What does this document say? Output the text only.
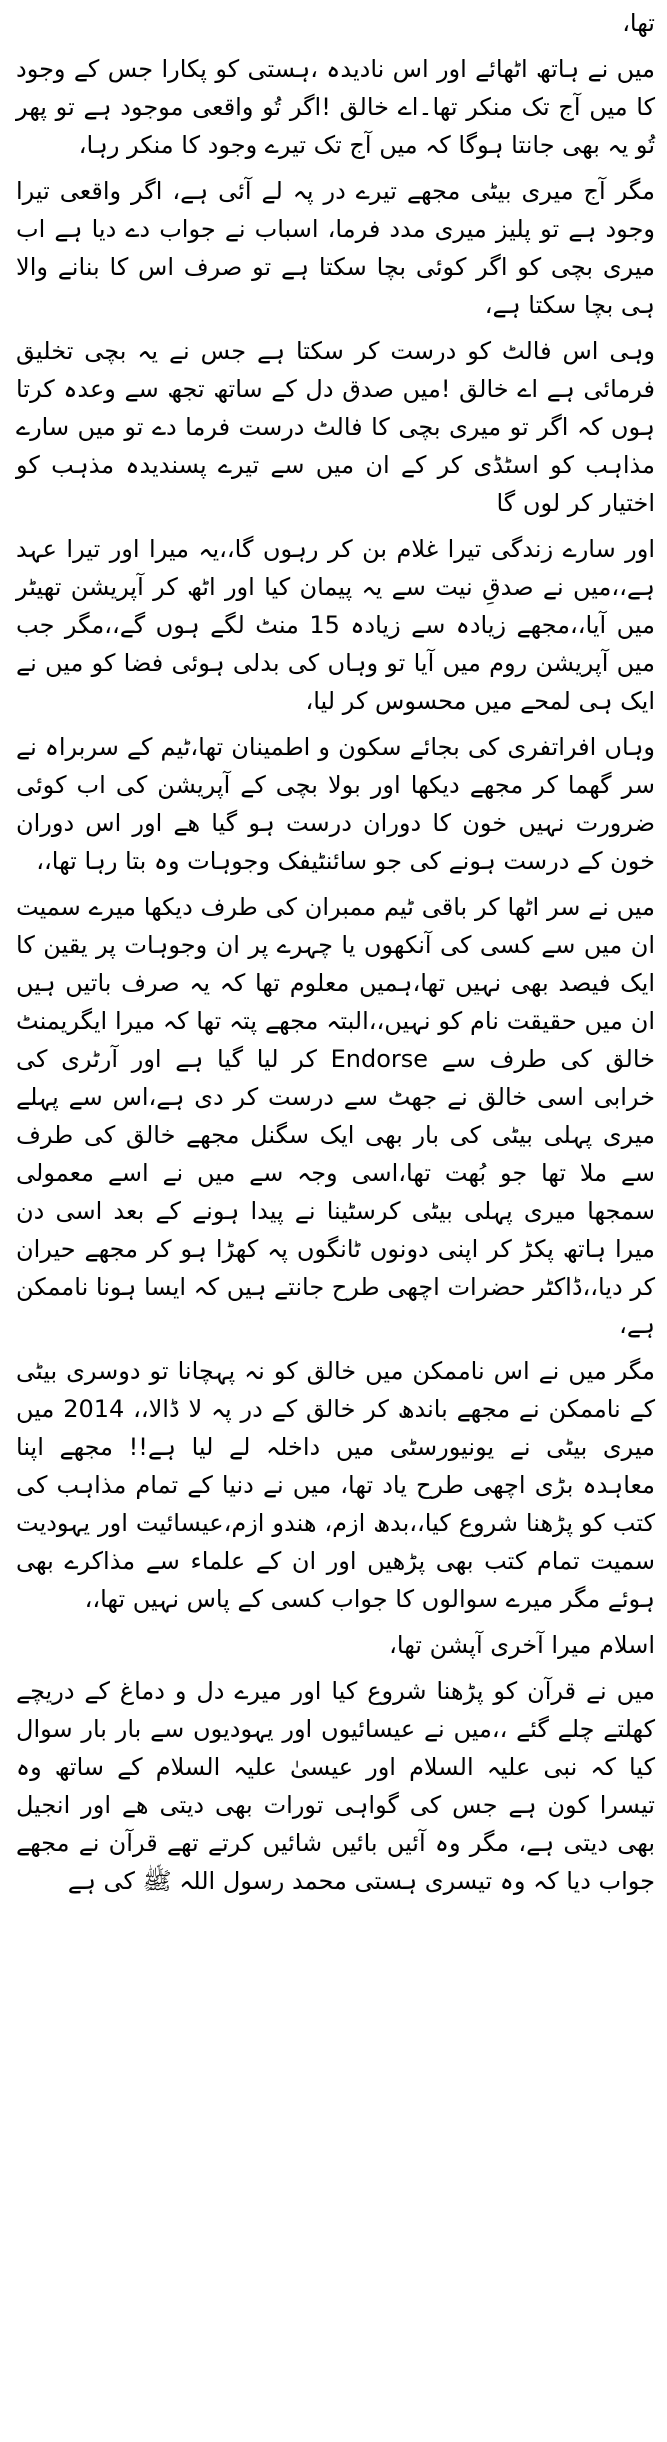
تھا،

میں نے ہاتھ اٹھائے اور اس نادیدہ ،ہستی کو پکارا جس کے وجود کا میں آج تک منکر تھا۔اے خالق !اگر تُو واقعی موجود ہے تو پھر تُو یہ بھی جانتا ہوگا کہ میں آج تک تیرے وجود کا منکر رہا،

مگر آج میری بیٹی مجھے تیرے در پہ لے آئی ہے، اگر واقعی تیرا وجود ہے تو پلیز میری مدد فرما، اسباب نے جواب دے دیا ہے اب میری بچی کو اگر کوئی بچا سکتا ہے تو صرف اس کا بنانے والا ہی بچا سکتا ہے،

وہی اس فالٹ کو درست کر سکتا ہے جس نے یہ بچی تخلیق فرمائی ہے اے خالق !میں صدق دل کے ساتھ تجھ سے وعدہ کرتا ہوں کہ اگر تو میری بچی کا فالٹ درست فرما دے تو میں سارے مذاہب کو اسٹڈی کر کے ان میں سے تیرے پسندیدہ مذہب کو اختیار کر لوں گا

اور سارے زندگی تیرا غلام بن کر رہوں گا،،یہ میرا اور تیرا عہد ہے،،میں نے صدقِ نیت سے یہ پیمان کیا اور اٹھ کر آپریشن تھیٹر میں آیا،،مجھے زیادہ سے زیادہ 15 منٹ لگے ہوں گے،،مگر جب میں آپریشن روم میں آیا تو وہاں کی بدلی ہوئی فضا کو میں نے ایک ہی لمحے میں محسوس کر لیا،

وہاں افراتفری کی بجائے سکون و اطمینان تھا،ٹیم کے سربراہ نے سر گھما کر مجھے دیکھا اور بولا بچی کے آپریشن کی اب کوئی ضرورت نہیں خون کا دوران درست ہو گیا ھے اور اس دوران خون کے درست ہونے کی جو سائنٹیفک وجوہات وہ بتا رہا تھا،،

میں نے سر اٹھا کر باقی ٹیم ممبران کی طرف دیکھا میرے سمیت ان میں سے کسی کی آنکھوں یا چہرے پر ان وجوہات پر یقین کا ایک فیصد بھی نہیں تھا،ہمیں معلوم تھا کہ یہ صرف باتیں ہیں ان میں حقیقت نام کو نہیں،،البتہ مجھے پتہ تھا کہ میرا ایگریمنٹ خالق کی طرف سے Endorse کر لیا گیا ہے اور آرٹری کی خرابی اسی خالق نے جھٹ سے درست کر دی ہے،اس سے پہلے میری پہلی بیٹی کی بار بھی ایک سگنل مجھے خالق کی طرف سے ملا تھا جو بُھت تھا،اسی وجہ سے میں نے اسے معمولی سمجھا میری پہلی بیٹی کرسٹینا نے پیدا ہونے کے بعد اسی دن میرا ہاتھ پکڑ کر اپنی دونوں ٹانگوں پہ کھڑا ہو کر مجھے حیران کر دیا،،ڈاکٹر حضرات اچھی طرح جانتے ہیں کہ ایسا ہونا ناممکن ہے،

مگر میں نے اس ناممکن میں خالق کو نہ پہچانا تو دوسری بیٹی کے ناممکن نے مجھے باندھ کر خالق کے در پہ لا ڈالا،، 2014 میں میری بیٹی نے یونیورسٹی میں داخلہ لے لیا ہے!! مجھے اپنا معاہدہ بڑی اچھی طرح یاد تھا، میں نے دنیا کے تمام مذاہب کی کتب کو پڑھنا شروع کیا،،بدھ ازم، ھندو ازم،عیسائیت اور یہودیت سمیت تمام کتب بھی پڑھیں اور ان کے علماء سے مذاکرے بھی ہوئے مگر میرے سوالوں کا جواب کسی کے پاس نہیں تھا،،

اسلام میرا آخری آپشن تھا،

میں نے قرآن کو پڑھنا شروع کیا اور میرے دل و دماغ کے دریچے کھلتے چلے گئے ،،میں نے عیسائیوں اور یہودیوں سے بار بار سوال کیا کہ نبی علیہ السلام اور عیسیٰ علیہ السلام کے ساتھ وہ تیسرا کون ہے جس کی گواہی تورات بھی دیتی ھے اور انجیل بھی دیتی ہے، مگر وہ آئیں بائیں شائیں کرتے تھے قرآن نے مجھے جواب دیا کہ وہ تیسری ہستی محمد رسول اللہ ﷺ کی ہے
